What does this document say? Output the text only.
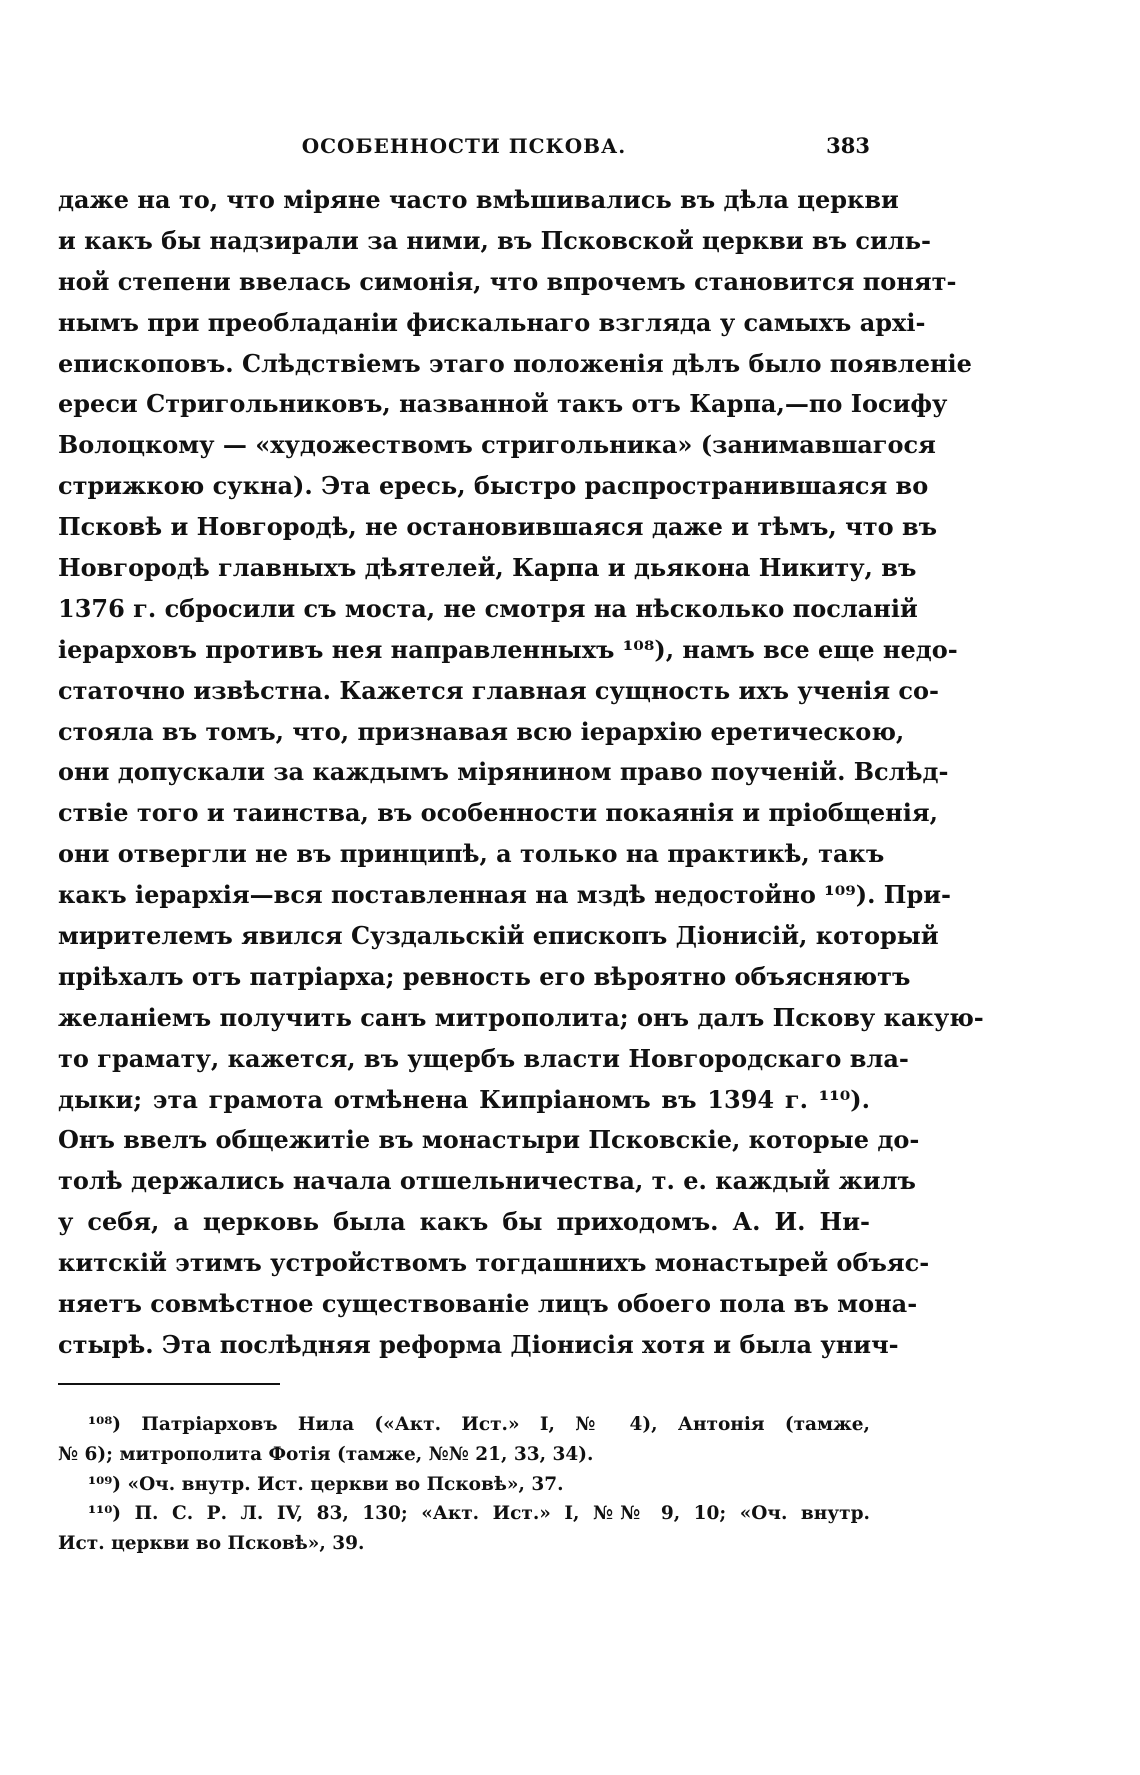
ОСОБЕННОСТИ ПСКОВА.	383
даже на то, что міряне часто вмѣшивались въ дѣла церкви
и какъ бы надзирали за ними, въ Псковской церкви въ силь-
ной степени ввелась симонія, что впрочемъ становится понят-
нымъ при преобладаніи фискальнаго взгляда у самыхъ архі-
епископовъ. Слѣдствіемъ этаго положенія дѣлъ было появленіе
ереси Стригольниковъ, названной такъ отъ Карпа,—по Іосифу
Волоцкому — «художествомъ стригольника» (занимавшагося
стрижкою сукна). Эта ересь, быстро распространившаяся во
Псковѣ и Новгородѣ, не остановившаяся даже и тѣмъ, что въ
Новгородѣ главныхъ дѣятелей, Карпа и дьякона Никиту, въ
1376 г. сбросили съ моста, не смотря на нѣсколько посланій
іерарховъ противъ нея направленныхъ ¹⁰⁸), намъ все еще недо-
статочно извѣстна. Кажется главная сущность ихъ ученія со-
стояла въ томъ, что, признавая всю іерархію еретическою,
они допускали за каждымъ мірянином право поученій. Вслѣд-
ствіе того и таинства, въ особенности покаянія и пріобщенія,
они отвергли не въ принципѣ, а только на практикѣ, такъ
какъ іерархія—вся поставленная на мздѣ недостойно ¹⁰⁹). При-
мирителемъ явился Суздальскій епископъ Діонисій, который
пріѣхалъ отъ патріарха; ревность его вѣроятно объясняютъ
желаніемъ получить санъ митрополита; онъ далъ Пскову какую-
то грамату, кажется, въ ущербъ власти Новгородскаго вла-
дыки; эта грамота отмѣнена Кипріаномъ въ 1394 г. ¹¹⁰).
Онъ ввелъ общежитіе въ монастыри Псковскіе, которые до-
толѣ держались начала отшельничества, т. е. каждый жилъ
у себя, а церковь была какъ бы приходомъ. А. И. Ни-
китскій этимъ устройствомъ тогдашнихъ монастырей объяс-
няетъ совмѣстное существованіе лицъ обоего пола въ мона-
стырѣ. Эта послѣдняя реформа Діонисія хотя и была унич-
¹⁰⁸) Патріарховъ Нила («Акт. Ист.» I, № 4), Антонія (тамже,
№ 6); митрополита Фотія (тамже, №№ 21, 33, 34).
¹⁰⁹) «Оч. внутр. Ист. церкви во Псковѣ», 37.
¹¹⁰) П. С. Р. Л. IV, 83, 130; «Акт. Ист.» I, №№ 9, 10; «Оч. внутр.
Ист. церкви во Псковѣ», 39.
